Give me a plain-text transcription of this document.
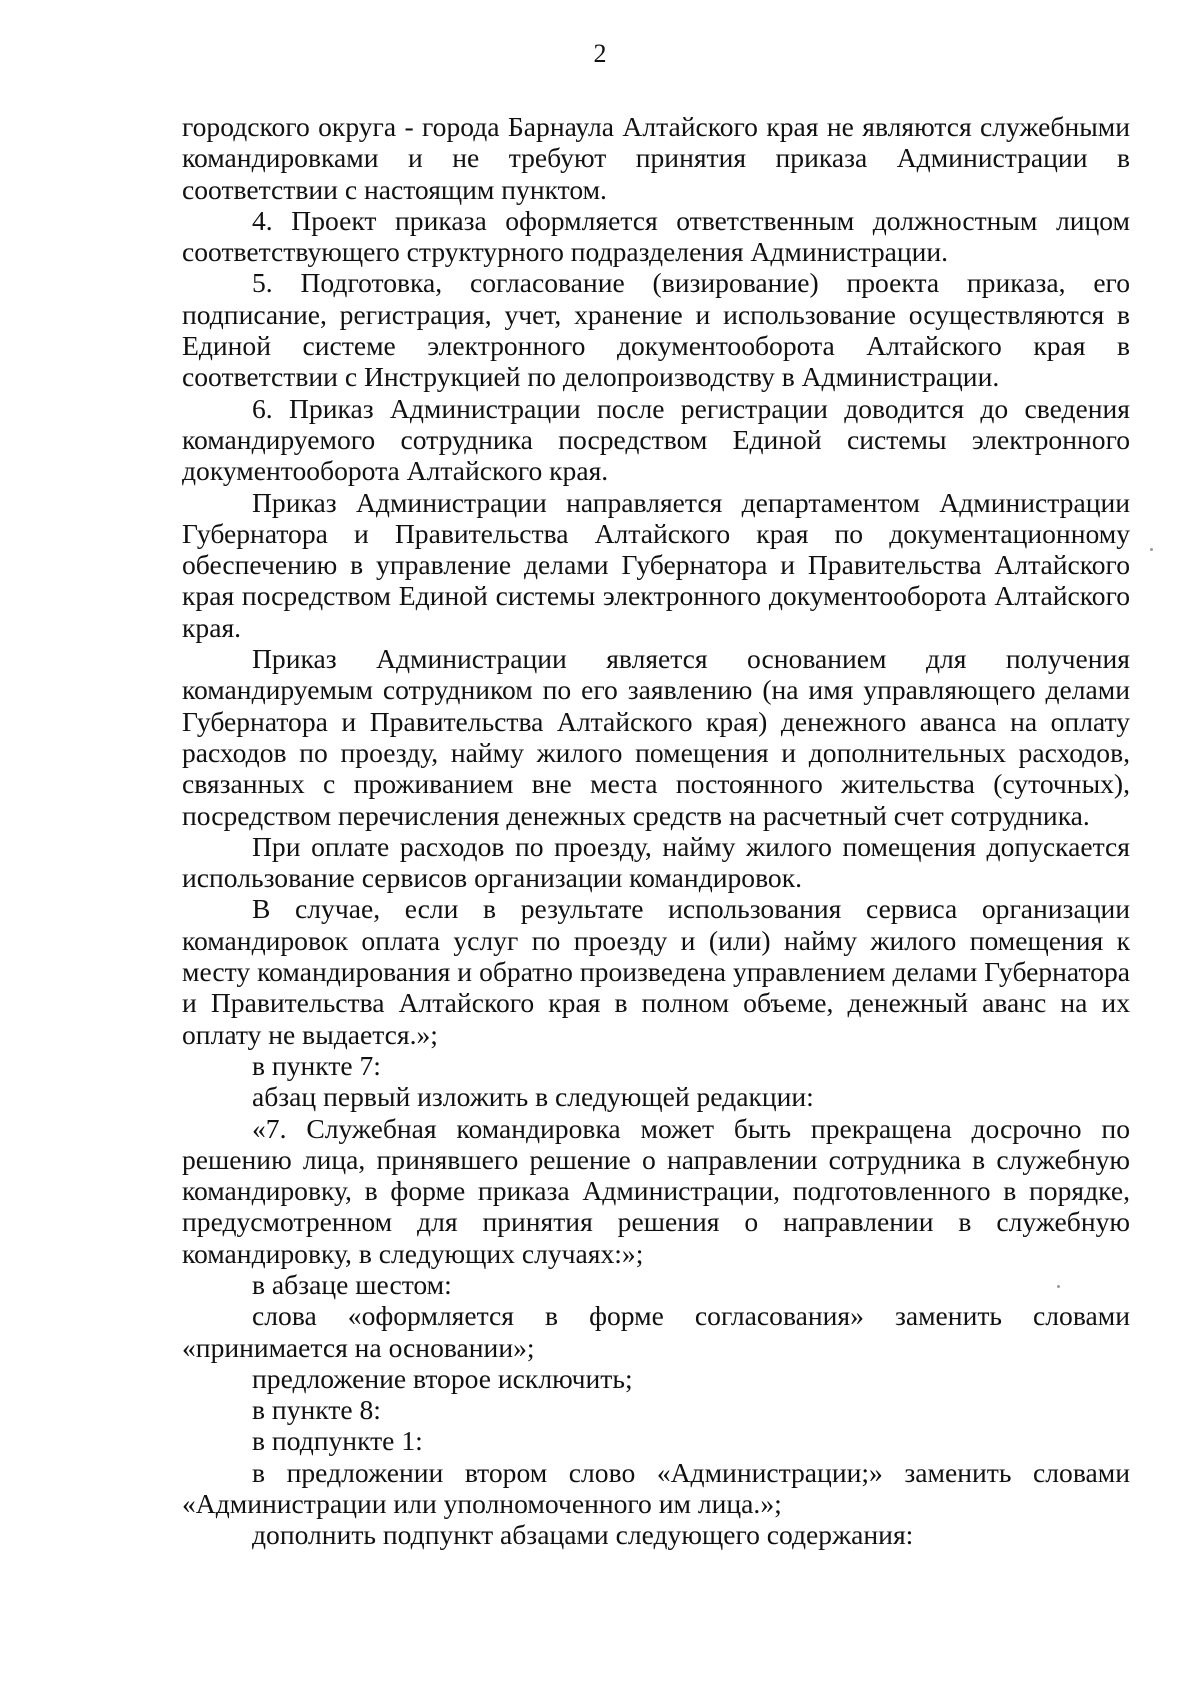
2

городского округа - города Барнаула Алтайского края не являются служебными командировками и не требуют принятия приказа Администрации в соответствии с настоящим пунктом.

4. Проект приказа оформляется ответственным должностным лицом соответствующего структурного подразделения Администрации.

5. Подготовка, согласование (визирование) проекта приказа, его подписание, регистрация, учет, хранение и использование осуществляются в Единой системе электронного документооборота Алтайского края в соответствии с Инструкцией по делопроизводству в Администрации.

6. Приказ Администрации после регистрации доводится до сведения командируемого сотрудника посредством Единой системы электронного документооборота Алтайского края.

Приказ Администрации направляется департаментом Администрации Губернатора и Правительства Алтайского края по документационному обеспечению в управление делами Губернатора и Правительства Алтайского края посредством Единой системы электронного документооборота Алтайского края.

Приказ Администрации является основанием для получения командируемым сотрудником по его заявлению (на имя управляющего делами Губернатора и Правительства Алтайского края) денежного аванса на оплату расходов по проезду, найму жилого помещения и дополнительных расходов, связанных с проживанием вне места постоянного жительства (суточных), посредством перечисления денежных средств на расчетный счет сотрудника.

При оплате расходов по проезду, найму жилого помещения допускается использование сервисов организации командировок.

В случае, если в результате использования сервиса организации командировок оплата услуг по проезду и (или) найму жилого помещения к месту командирования и обратно произведена управлением делами Губернатора и Правительства Алтайского края в полном объеме, денежный аванс на их оплату не выдается.»;

в пункте 7:

абзац первый изложить в следующей редакции:

«7. Служебная командировка может быть прекращена досрочно по решению лица, принявшего решение о направлении сотрудника в служебную командировку, в форме приказа Администрации, подготовленного в порядке, предусмотренном для принятия решения о направлении в служебную командировку, в следующих случаях:»;

в абзаце шестом:

слова «оформляется в форме согласования» заменить словами «принимается на основании»;

предложение второе исключить;

в пункте 8:

в подпункте 1:

в предложении втором слово «Администрации;» заменить словами «Администрации или уполномоченного им лица.»;

дополнить подпункт абзацами следующего содержания:
